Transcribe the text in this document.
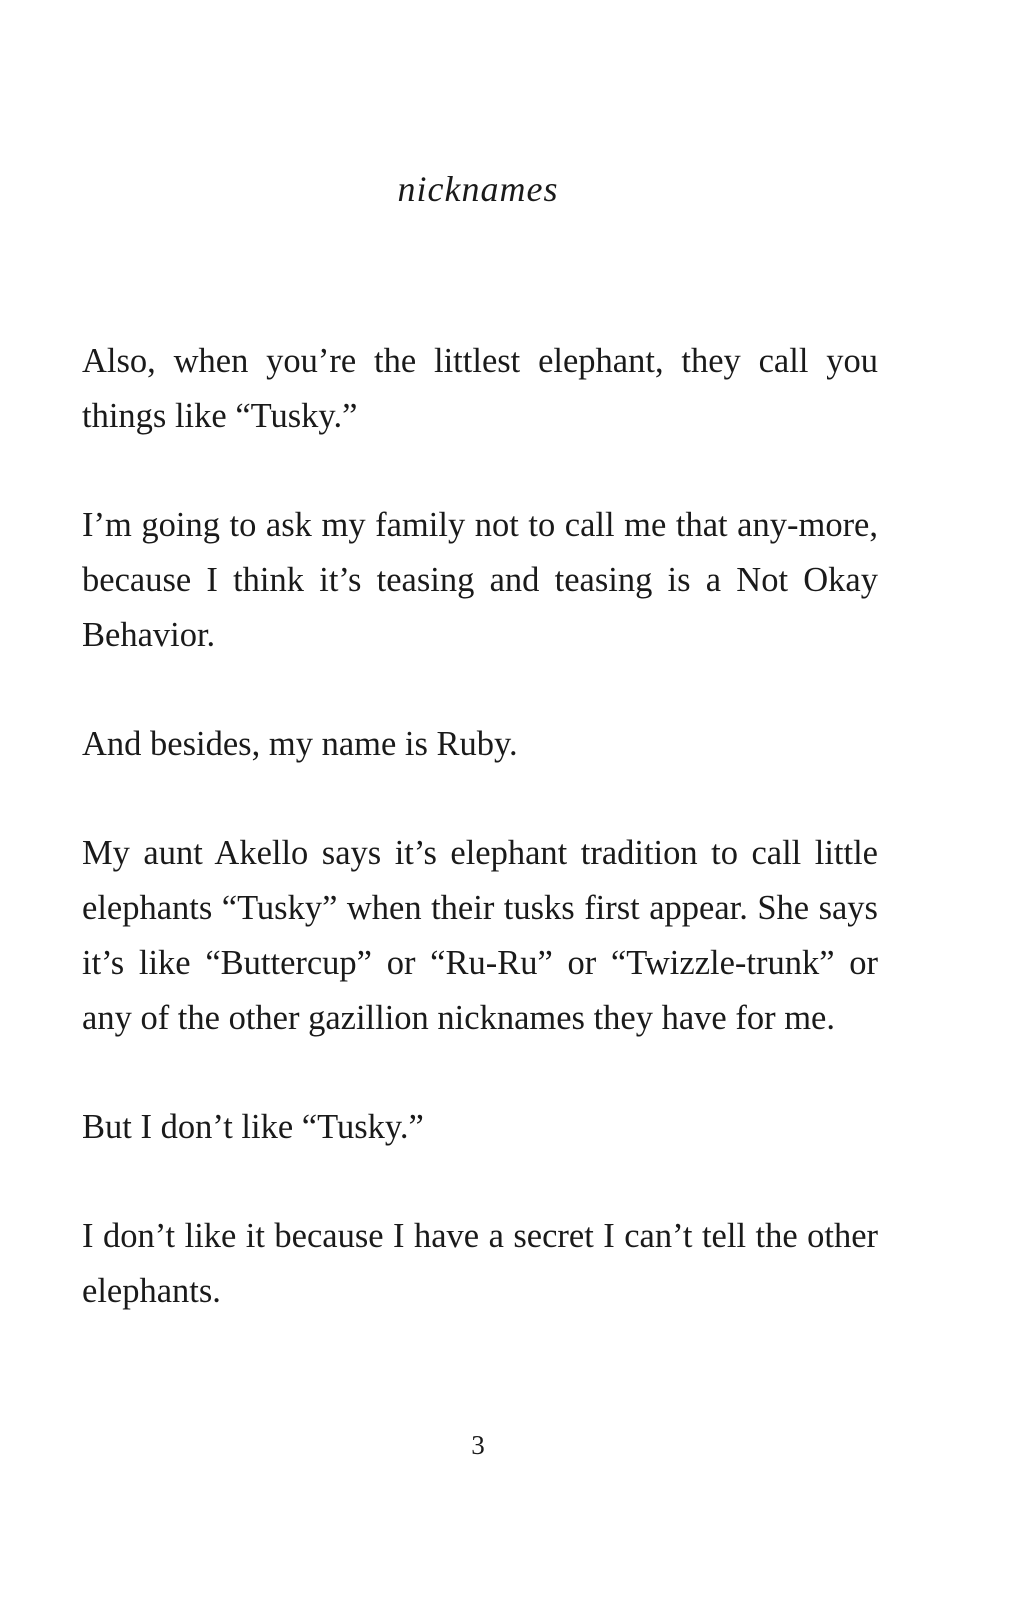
nicknames

Also, when you’re the littlest elephant, they call you things like “Tusky.”

I’m going to ask my family not to call me that any-more, because I think it’s teasing and teasing is a Not Okay Behavior.

And besides, my name is Ruby.

My aunt Akello says it’s elephant tradition to call little elephants “Tusky” when their tusks first appear. She says it’s like “Buttercup” or “Ru-Ru” or “Twizzle-trunk” or any of the other gazillion nicknames they have for me.

But I don’t like “Tusky.”

I don’t like it because I have a secret I can’t tell the other elephants.

3
